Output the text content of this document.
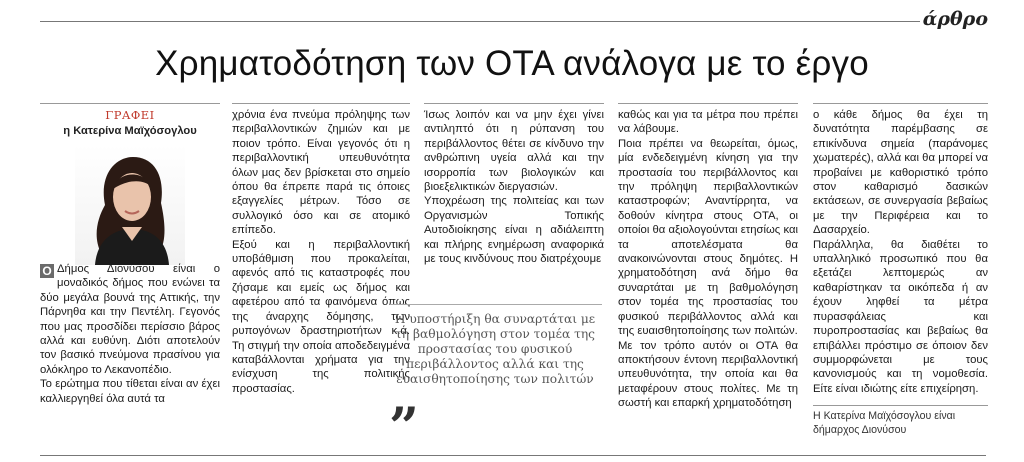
άρθρο
Χρηματοδότηση των ΟΤΑ ανάλογα με το έργο
ΓΡΑΦΕΙ
η Κατερίνα Μαϊχόσογλου

Ο Δήμος Διονύσου είναι ο μοναδικός δήμος που ενώνει τα δύο μεγάλα βουνά της Αττικής, την Πάρνηθα και την Πεντέλη. Γεγονός που μας προσδίδει περίσσιο βάρος αλλά και ευθύνη. Διότι αποτελούν τον βασικό πνεύμονα πρασίνου για ολόκληρο το Λεκανοπέδιο.

Το ερώτημα που τίθεται είναι αν έχει καλλιεργηθεί όλα αυτά τα

χρόνια ένα πνεύμα πρόληψης των περιβαλλοντικών ζημιών και με ποιον τρόπο. Είναι γεγονός ότι η περιβαλλοντική υπευθυνότητα όλων μας δεν βρίσκεται στο σημείο όπου θα έπρεπε παρά τις όποιες εξαγγελίες μέτρων. Τόσο σε συλλογικό όσο και σε ατομικό επίπεδο.

Εξού και η περιβαλλοντική υποβάθμιση που προκαλείται, αφενός από τις καταστροφές που ζήσαμε και εμείς ως δήμος και αφετέρου από τα φαινόμενα όπως της άναρχης δόμησης, των ρυπογόνων δραστηριοτήτων κ.ά. Τη στιγμή την οποία αποδεδειγμένα καταβάλλονται χρήματα για την ενίσχυση της πολιτικής προστασίας.

Ίσως λοιπόν και να μην έχει γίνει αντιληπτό ότι η ρύπανση του περιβάλλοντος θέτει σε κίνδυνο την ανθρώπινη υγεία αλλά και την ισορροπία των βιολογικών και βιοεξελικτικών διεργασιών.

Υποχρέωση της πολιτείας και των Οργανισμών Τοπικής Αυτοδιοίκησης είναι η αδιάλειπτη και πλήρης ενημέρωση αναφορικά με τους κινδύνους που διατρέχουμε

Η υποστήριξη θα συναρτάται με τη βαθμολόγηση στον τομέα της προστασίας του φυσικού περιβάλλοντος αλλά και της ευαισθητοποίησης των πολιτών
”

καθώς και για τα μέτρα που πρέπει να λάβουμε.

Ποια πρέπει να θεωρείται, όμως, μία ενδεδειγμένη κίνηση για την προστασία του περιβάλλοντος και την πρόληψη περιβαλλοντικών καταστροφών; Αναντίρρητα, να δοθούν κίνητρα στους ΟΤΑ, οι οποίοι θα αξιολογούνται ετησίως και τα αποτελέσματα θα ανακοινώνονται στους δημότες. Η χρηματοδότηση ανά δήμο θα συναρτάται με τη βαθμολόγηση στον τομέα της προστασίας του φυσικού περιβάλλοντος αλλά και της ευαισθητοποίησης των πολιτών.

Με τον τρόπο αυτόν οι ΟΤΑ θα αποκτήσουν έντονη περιβαλλοντική υπευθυνότητα, την οποία και θα μεταφέρουν στους πολίτες. Με τη σωστή και επαρκή χρηματοδότηση

ο κάθε δήμος θα έχει τη δυνατότητα παρέμβασης σε επικίνδυνα σημεία (παράνομες χωματερές), αλλά και θα μπορεί να προβαίνει με καθοριστικό τρόπο στον καθαρισμό δασικών εκτάσεων, σε συνεργασία βεβαίως με την Περιφέρεια και το Δασαρχείο.

Παράλληλα, θα διαθέτει το υπαλληλικό προσωπικό που θα εξετάζει λεπτομερώς αν καθαρίστηκαν τα οικόπεδα ή αν έχουν ληφθεί τα μέτρα πυρασφάλειας και πυροπροστασίας και βεβαίως θα επιβάλλει πρόστιμο σε όποιον δεν συμμορφώνεται με τους κανονισμούς και τη νομοθεσία. Είτε είναι ιδιώτης είτε επιχείρηση.

Η Κατερίνα Μαϊχόσογλου είναι δήμαρχος Διονύσου
